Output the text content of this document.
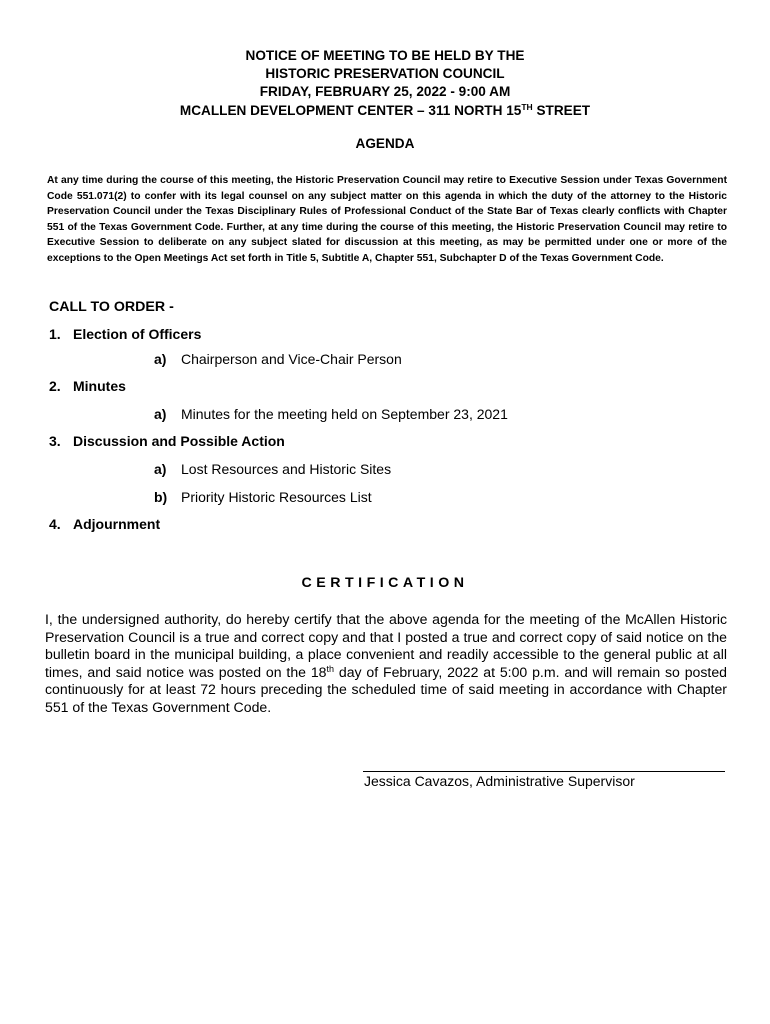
NOTICE OF MEETING TO BE HELD BY THE
HISTORIC PRESERVATION COUNCIL
FRIDAY, FEBRUARY 25, 2022 - 9:00 AM
MCALLEN DEVELOPMENT CENTER – 311 NORTH 15TH STREET
AGENDA
At any time during the course of this meeting, the Historic Preservation Council may retire to Executive Session under Texas Government Code 551.071(2) to confer with its legal counsel on any subject matter on this agenda in which the duty of the attorney to the Historic Preservation Council under the Texas Disciplinary Rules of Professional Conduct of the State Bar of Texas clearly conflicts with Chapter 551 of the Texas Government Code. Further, at any time during the course of this meeting, the Historic Preservation Council may retire to Executive Session to deliberate on any subject slated for discussion at this meeting, as may be permitted under one or more of the exceptions to the Open Meetings Act set forth in Title 5, Subtitle A, Chapter 551, Subchapter D of the Texas Government Code.
CALL TO ORDER -
1. Election of Officers
a) Chairperson and Vice-Chair Person
2. Minutes
a) Minutes for the meeting held on September 23, 2021
3. Discussion and Possible Action
a) Lost Resources and Historic Sites
b) Priority Historic Resources List
4. Adjournment
CERTIFICATION
I, the undersigned authority, do hereby certify that the above agenda for the meeting of the McAllen Historic Preservation Council is a true and correct copy and that I posted a true and correct copy of said notice on the bulletin board in the municipal building, a place convenient and readily accessible to the general public at all times, and said notice was posted on the 18th day of February, 2022 at 5:00 p.m. and will remain so posted continuously for at least 72 hours preceding the scheduled time of said meeting in accordance with Chapter 551 of the Texas Government Code.
Jessica Cavazos, Administrative Supervisor
